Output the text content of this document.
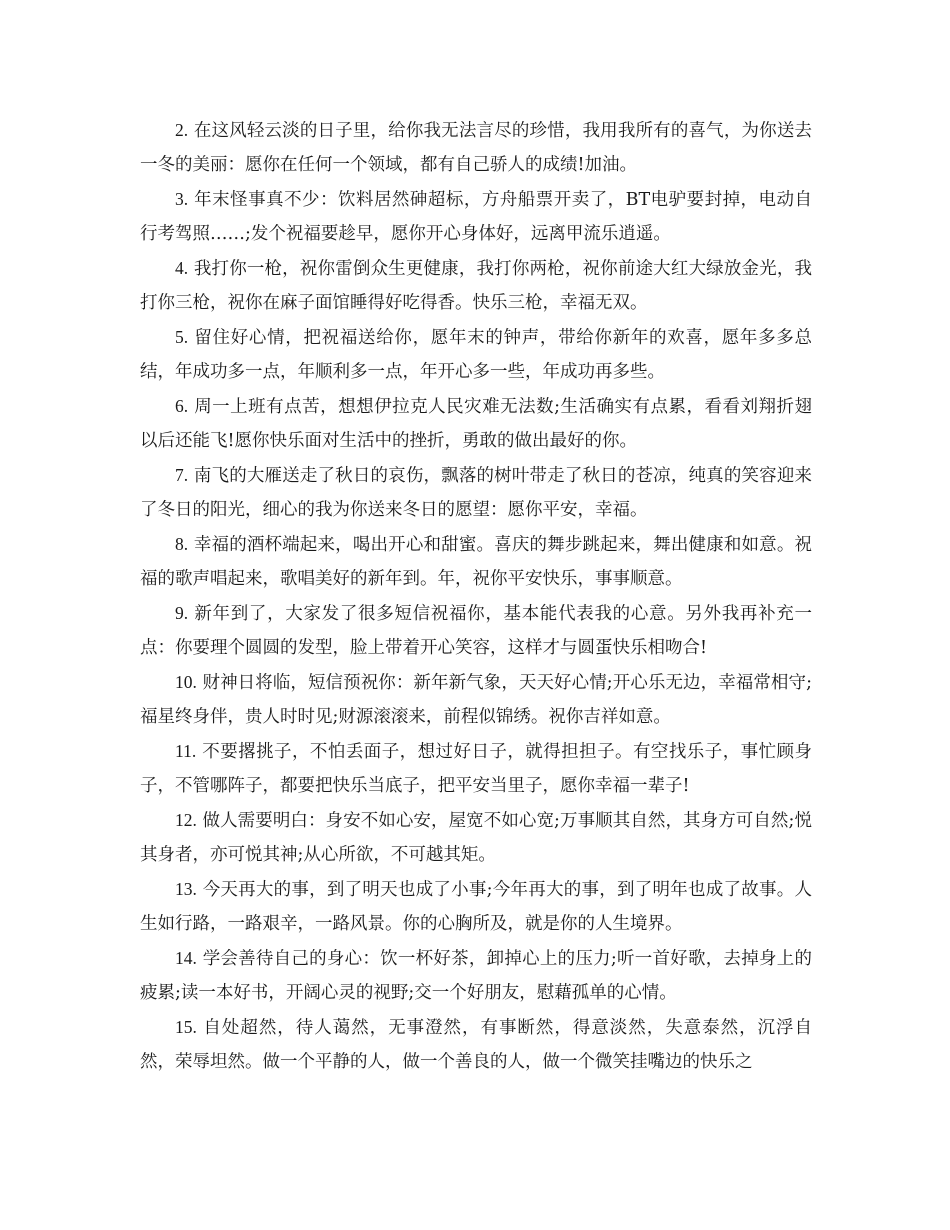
2. 在这风轻云淡的日子里，给你我无法言尽的珍惜，我用我所有的喜气，为你送去一冬的美丽：愿你在任何一个领域，都有自己骄人的成绩!加油。

3. 年末怪事真不少：饮料居然砷超标，方舟船票开卖了，BT电驴要封掉，电动自行考驾照……;发个祝福要趁早，愿你开心身体好，远离甲流乐逍遥。

4. 我打你一枪，祝你雷倒众生更健康，我打你两枪，祝你前途大红大绿放金光，我打你三枪，祝你在麻子面馆睡得好吃得香。快乐三枪，幸福无双。

5. 留住好心情，把祝福送给你，愿年末的钟声，带给你新年的欢喜，愿年多多总结，年成功多一点，年顺利多一点，年开心多一些，年成功再多些。

6. 周一上班有点苦，想想伊拉克人民灾难无法数;生活确实有点累，看看刘翔折翅以后还能飞!愿你快乐面对生活中的挫折，勇敢的做出最好的你。

7. 南飞的大雁送走了秋日的哀伤，飘落的树叶带走了秋日的苍凉，纯真的笑容迎来了冬日的阳光，细心的我为你送来冬日的愿望：愿你平安，幸福。

8. 幸福的酒杯端起来，喝出开心和甜蜜。喜庆的舞步跳起来，舞出健康和如意。祝福的歌声唱起来，歌唱美好的新年到。年，祝你平安快乐，事事顺意。

9. 新年到了，大家发了很多短信祝福你，基本能代表我的心意。另外我再补充一点：你要理个圆圆的发型，脸上带着开心笑容，这样才与圆蛋快乐相吻合!

10. 财神日将临，短信预祝你：新年新气象，天天好心情;开心乐无边，幸福常相守;福星终身伴，贵人时时见;财源滚滚来，前程似锦绣。祝你吉祥如意。

11. 不要撂挑子，不怕丢面子，想过好日子，就得担担子。有空找乐子，事忙顾身子，不管哪阵子，都要把快乐当底子，把平安当里子，愿你幸福一辈子!

12. 做人需要明白：身安不如心安，屋宽不如心宽;万事顺其自然，其身方可自然;悦其身者，亦可悦其神;从心所欲，不可越其矩。

13. 今天再大的事，到了明天也成了小事;今年再大的事，到了明年也成了故事。人生如行路，一路艰辛，一路风景。你的心胸所及，就是你的人生境界。

14. 学会善待自己的身心：饮一杯好茶，卸掉心上的压力;听一首好歌，去掉身上的疲累;读一本好书，开阔心灵的视野;交一个好朋友，慰藉孤单的心情。

15. 自处超然，待人蔼然，无事澄然，有事断然，得意淡然，失意泰然，沉浮自然，荣辱坦然。做一个平静的人，做一个善良的人，做一个微笑挂嘴边的快乐之
